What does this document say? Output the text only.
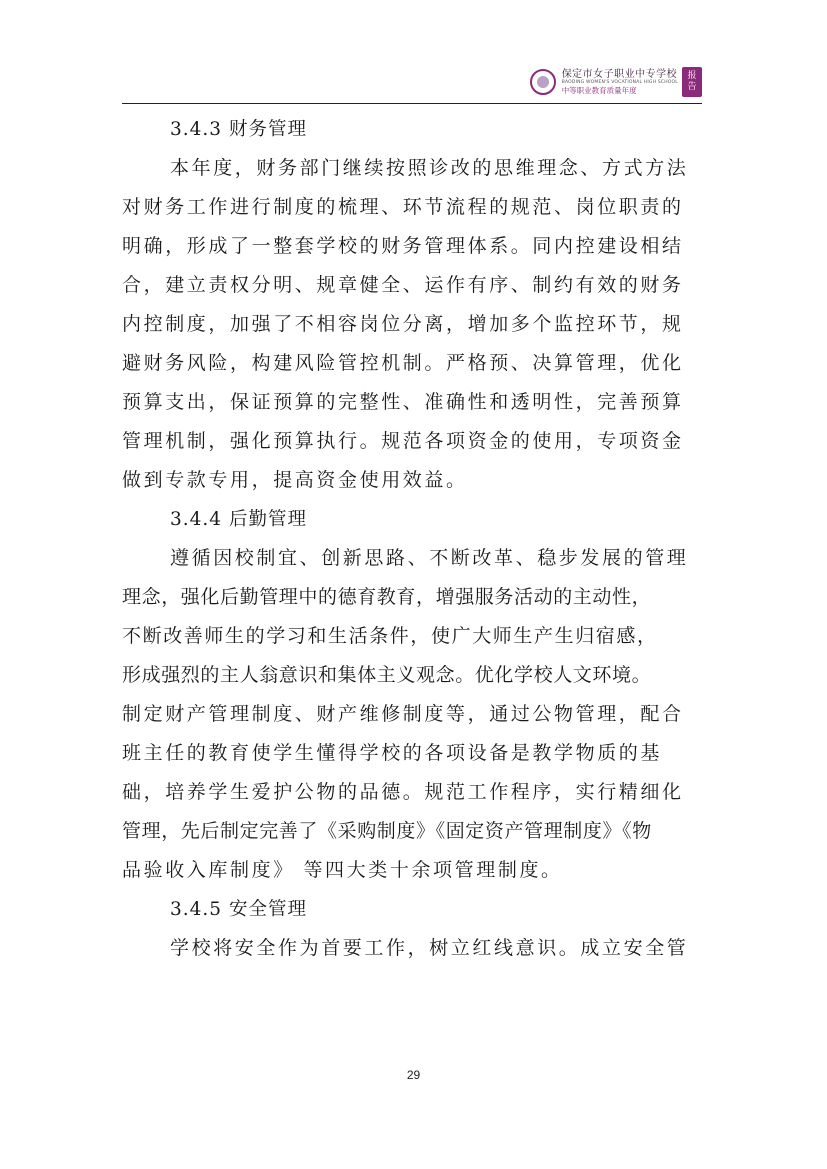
保定市女子职业中专学校
BAODING WOMEN'S VOCATIONAL HIGH SCHOOL
中等职业教育质量年度
报
告
3.4.3 财务管理
本年度，财务部门继续按照诊改的思维理念、方式方法
对财务工作进行制度的梳理、环节流程的规范、岗位职责的
明确，形成了一整套学校的财务管理体系。同内控建设相结
合，建立责权分明、规章健全、运作有序、制约有效的财务
内控制度，加强了不相容岗位分离，增加多个监控环节，规
避财务风险，构建风险管控机制。严格预、决算管理，优化
预算支出，保证预算的完整性、准确性和透明性，完善预算
管理机制，强化预算执行。规范各项资金的使用，专项资金
做到专款专用，提高资金使用效益。
3.4.4 后勤管理
遵循因校制宜、创新思路、不断改革、稳步发展的管理
理念，强化后勤管理中的德育教育，增强服务活动的主动性，
不断改善师生的学习和生活条件，使广大师生产生归宿感，
形成强烈的主人翁意识和集体主义观念。优化学校人文环境。
制定财产管理制度、财产维修制度等，通过公物管理，配合
班主任的教育使学生懂得学校的各项设备是教学物质的基
础，培养学生爱护公物的品德。规范工作程序，实行精细化
管理，先后制定完善了《采购制度》《固定资产管理制度》《物
品验收入库制度》 等四大类十余项管理制度。
3.4.5 安全管理
学校将安全作为首要工作，树立红线意识。成立安全管
29
